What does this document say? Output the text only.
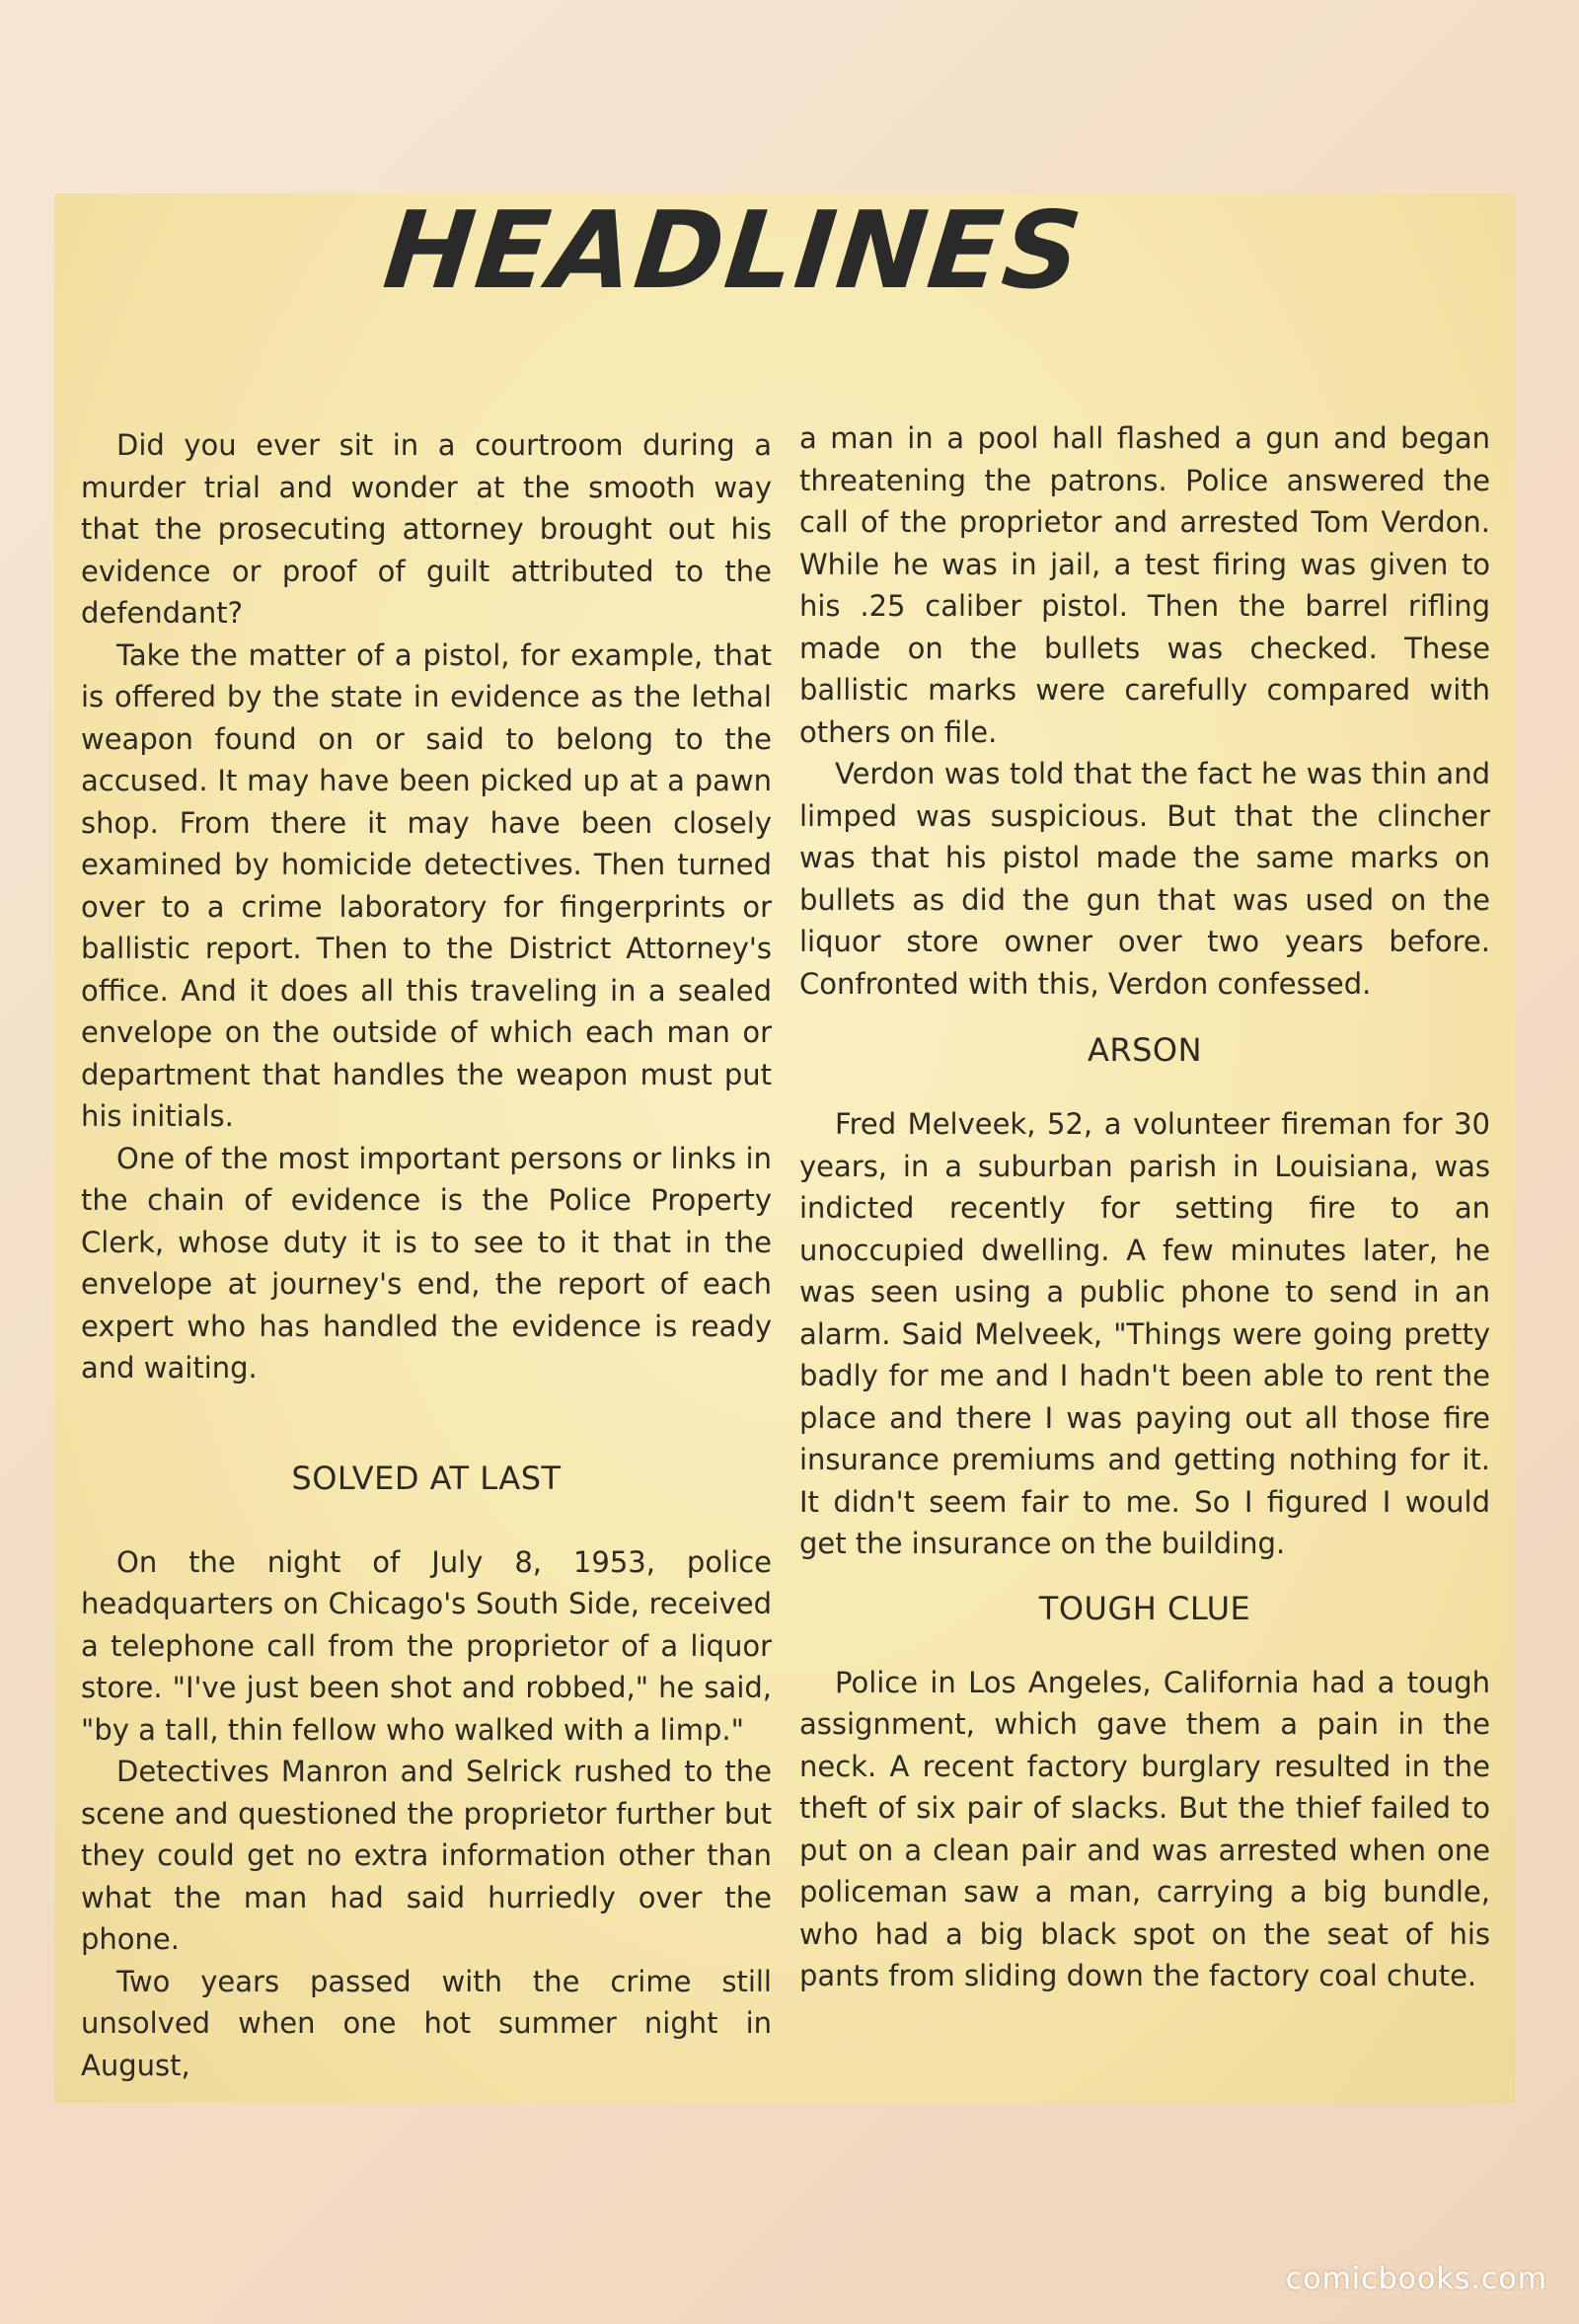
HEADLINES

Did you ever sit in a courtroom during a murder trial and wonder at the smooth way that the prosecuting attorney brought out his evidence or proof of guilt attributed to the defendant?

Take the matter of a pistol, for example, that is offered by the state in evidence as the lethal weapon found on or said to belong to the accused. It may have been picked up at a pawn shop. From there it may have been closely examined by homicide detectives. Then turned over to a crime laboratory for fingerprints or ballistic report. Then to the District Attorney's office. And it does all this traveling in a sealed envelope on the outside of which each man or department that handles the weapon must put his initials.

One of the most important persons or links in the chain of evidence is the Police Property Clerk, whose duty it is to see to it that in the envelope at journey's end, the report of each expert who has handled the evidence is ready and waiting.

SOLVED AT LAST

On the night of July 8, 1953, police headquarters on Chicago's South Side, received a telephone call from the proprietor of a liquor store. "I've just been shot and robbed," he said, "by a tall, thin fellow who walked with a limp."

Detectives Manron and Selrick rushed to the scene and questioned the proprietor further but they could get no extra information other than what the man had said hurriedly over the phone.

Two years passed with the crime still unsolved when one hot summer night in August,

a man in a pool hall flashed a gun and began threatening the patrons. Police answered the call of the proprietor and arrested Tom Verdon. While he was in jail, a test firing was given to his .25 caliber pistol. Then the barrel rifling made on the bullets was checked. These ballistic marks were carefully compared with others on file.

Verdon was told that the fact he was thin and limped was suspicious. But that the clincher was that his pistol made the same marks on bullets as did the gun that was used on the liquor store owner over two years before. Confronted with this, Verdon confessed.

ARSON

Fred Melveek, 52, a volunteer fireman for 30 years, in a suburban parish in Louisiana, was indicted recently for setting fire to an unoccupied dwelling. A few minutes later, he was seen using a public phone to send in an alarm. Said Melveek, "Things were going pretty badly for me and I hadn't been able to rent the place and there I was paying out all those fire insurance premiums and getting nothing for it. It didn't seem fair to me. So I figured I would get the insurance on the building.

TOUGH CLUE

Police in Los Angeles, California had a tough assignment, which gave them a pain in the neck. A recent factory burglary resulted in the theft of six pair of slacks. But the thief failed to put on a clean pair and was arrested when one policeman saw a man, carrying a big bundle, who had a big black spot on the seat of his pants from sliding down the factory coal chute.

comicbooks.com
